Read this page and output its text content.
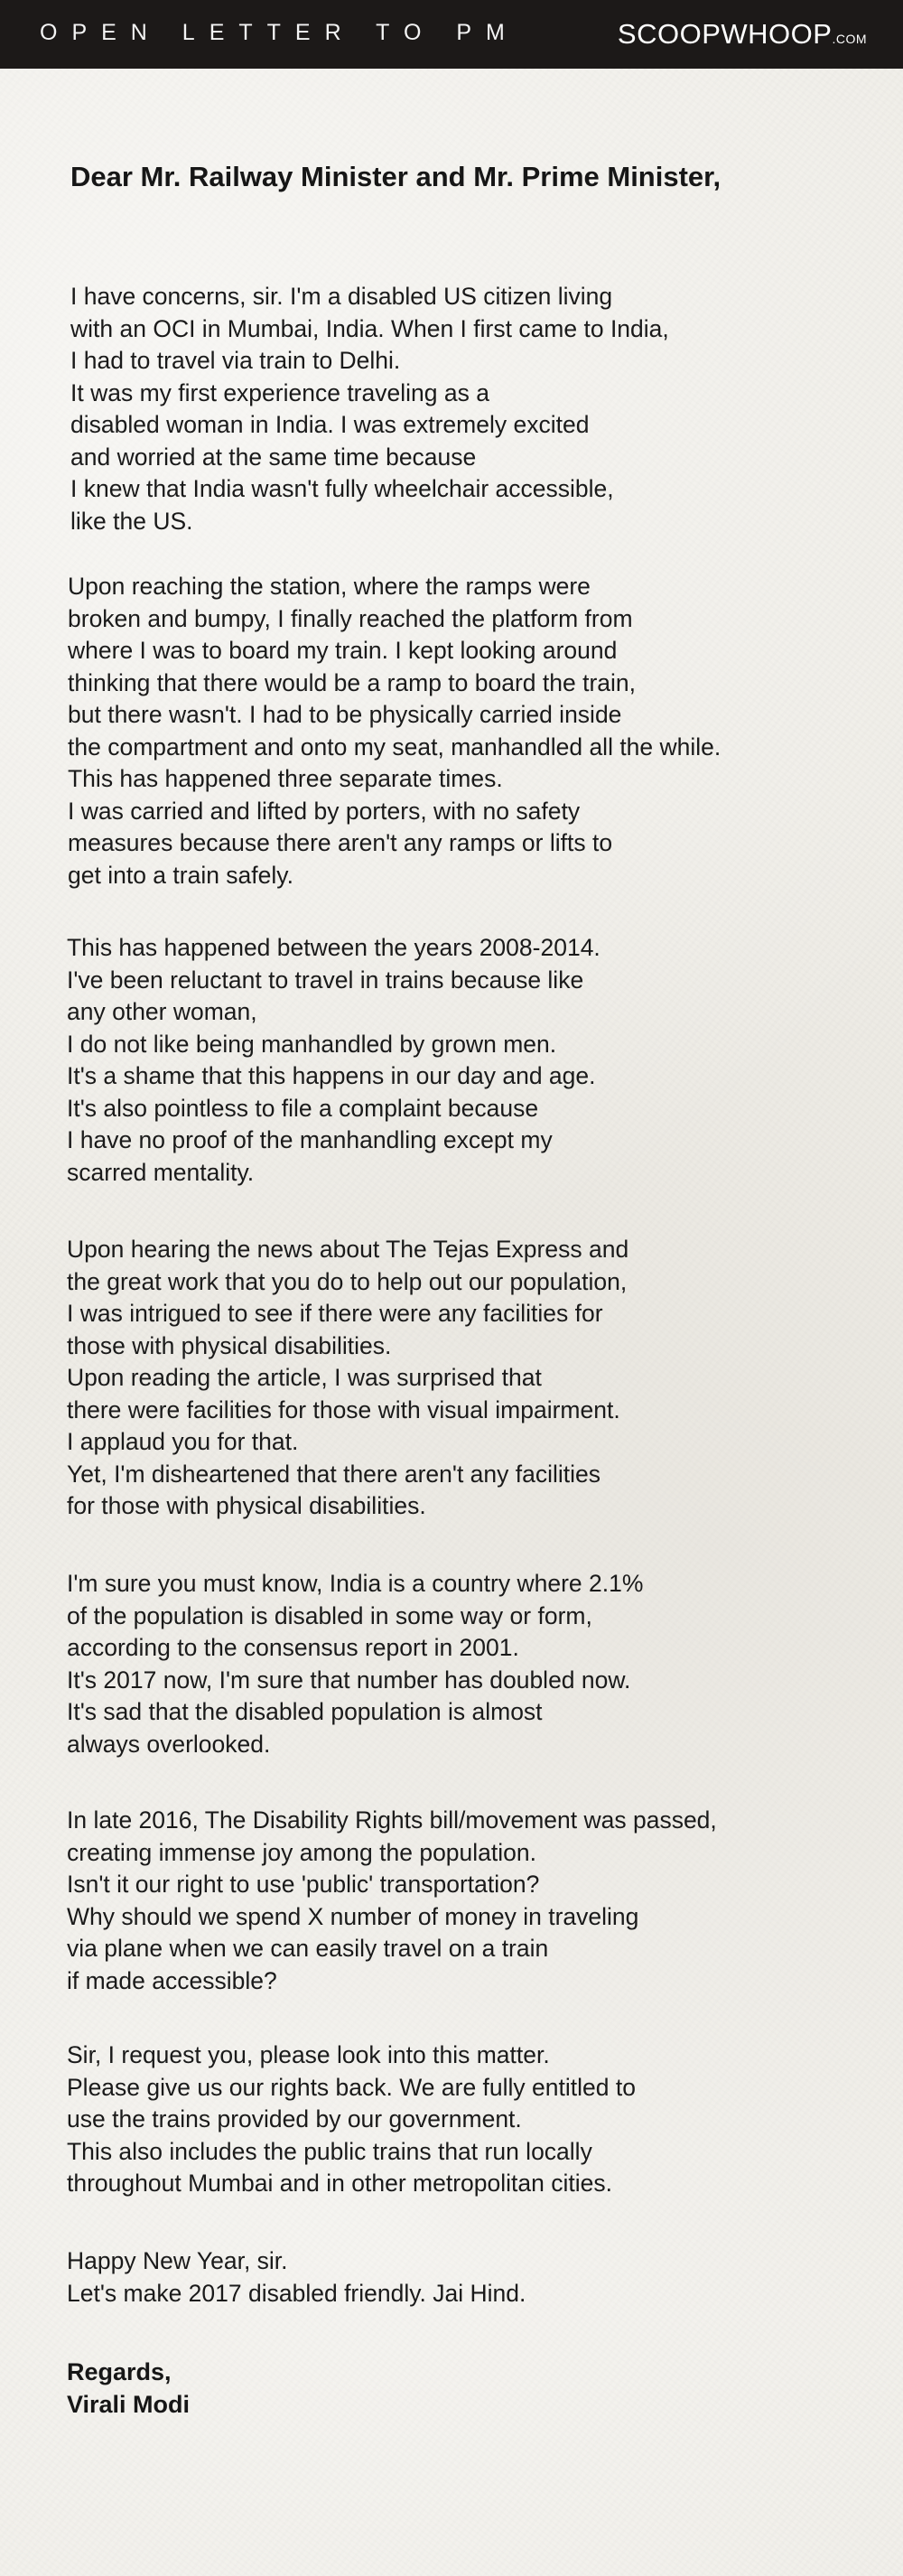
OPEN LETTER TO PM	SCOOPWHOOP.COM
Dear Mr. Railway Minister and Mr. Prime Minister,
I have concerns, sir. I'm a disabled US citizen living
with an OCI in Mumbai, India. When I first came to India,
I had to travel via train to Delhi.
It was my first experience traveling as a
disabled woman in India. I was extremely excited
and worried at the same time because
I knew that India wasn't fully wheelchair accessible,
like the US.
Upon reaching the station, where the ramps were
broken and bumpy, I finally reached the platform from
where I was to board my train. I kept looking around
thinking that there would be a ramp to board the train,
but there wasn't. I had to be physically carried inside
the compartment and onto my seat, manhandled all the while.
This has happened three separate times.
I was carried and lifted by porters, with no safety
measures because there aren't any ramps or lifts to
get into a train safely.
This has happened between the years 2008-2014.
I've been reluctant to travel in trains because like
any other woman,
I do not like being manhandled by grown men.
It's a shame that this happens in our day and age.
It's also pointless to file a complaint because
I have no proof of the manhandling except my
scarred mentality.
Upon hearing the news about The Tejas Express and
the great work that you do to help out our population,
I was intrigued to see if there were any facilities for
those with physical disabilities.
Upon reading the article, I was surprised that
there were facilities for those with visual impairment.
I applaud you for that.
Yet, I'm disheartened that there aren't any facilities
for those with physical disabilities.
I'm sure you must know, India is a country where 2.1%
of the population is disabled in some way or form,
according to the consensus report in 2001.
It's 2017 now, I'm sure that number has doubled now.
It's sad that the disabled population is almost
always overlooked.
In late 2016, The Disability Rights bill/movement was passed,
creating immense joy among the population.
Isn't it our right to use 'public' transportation?
Why should we spend X number of money in traveling
via plane when we can easily travel on a train
if made accessible?
Sir, I request you, please look into this matter.
Please give us our rights back. We are fully entitled to
use the trains provided by our government.
This also includes the public trains that run locally
throughout Mumbai and in other metropolitan cities.
Happy New Year, sir.
Let's make 2017 disabled friendly. Jai Hind.
Regards,
Virali Modi
